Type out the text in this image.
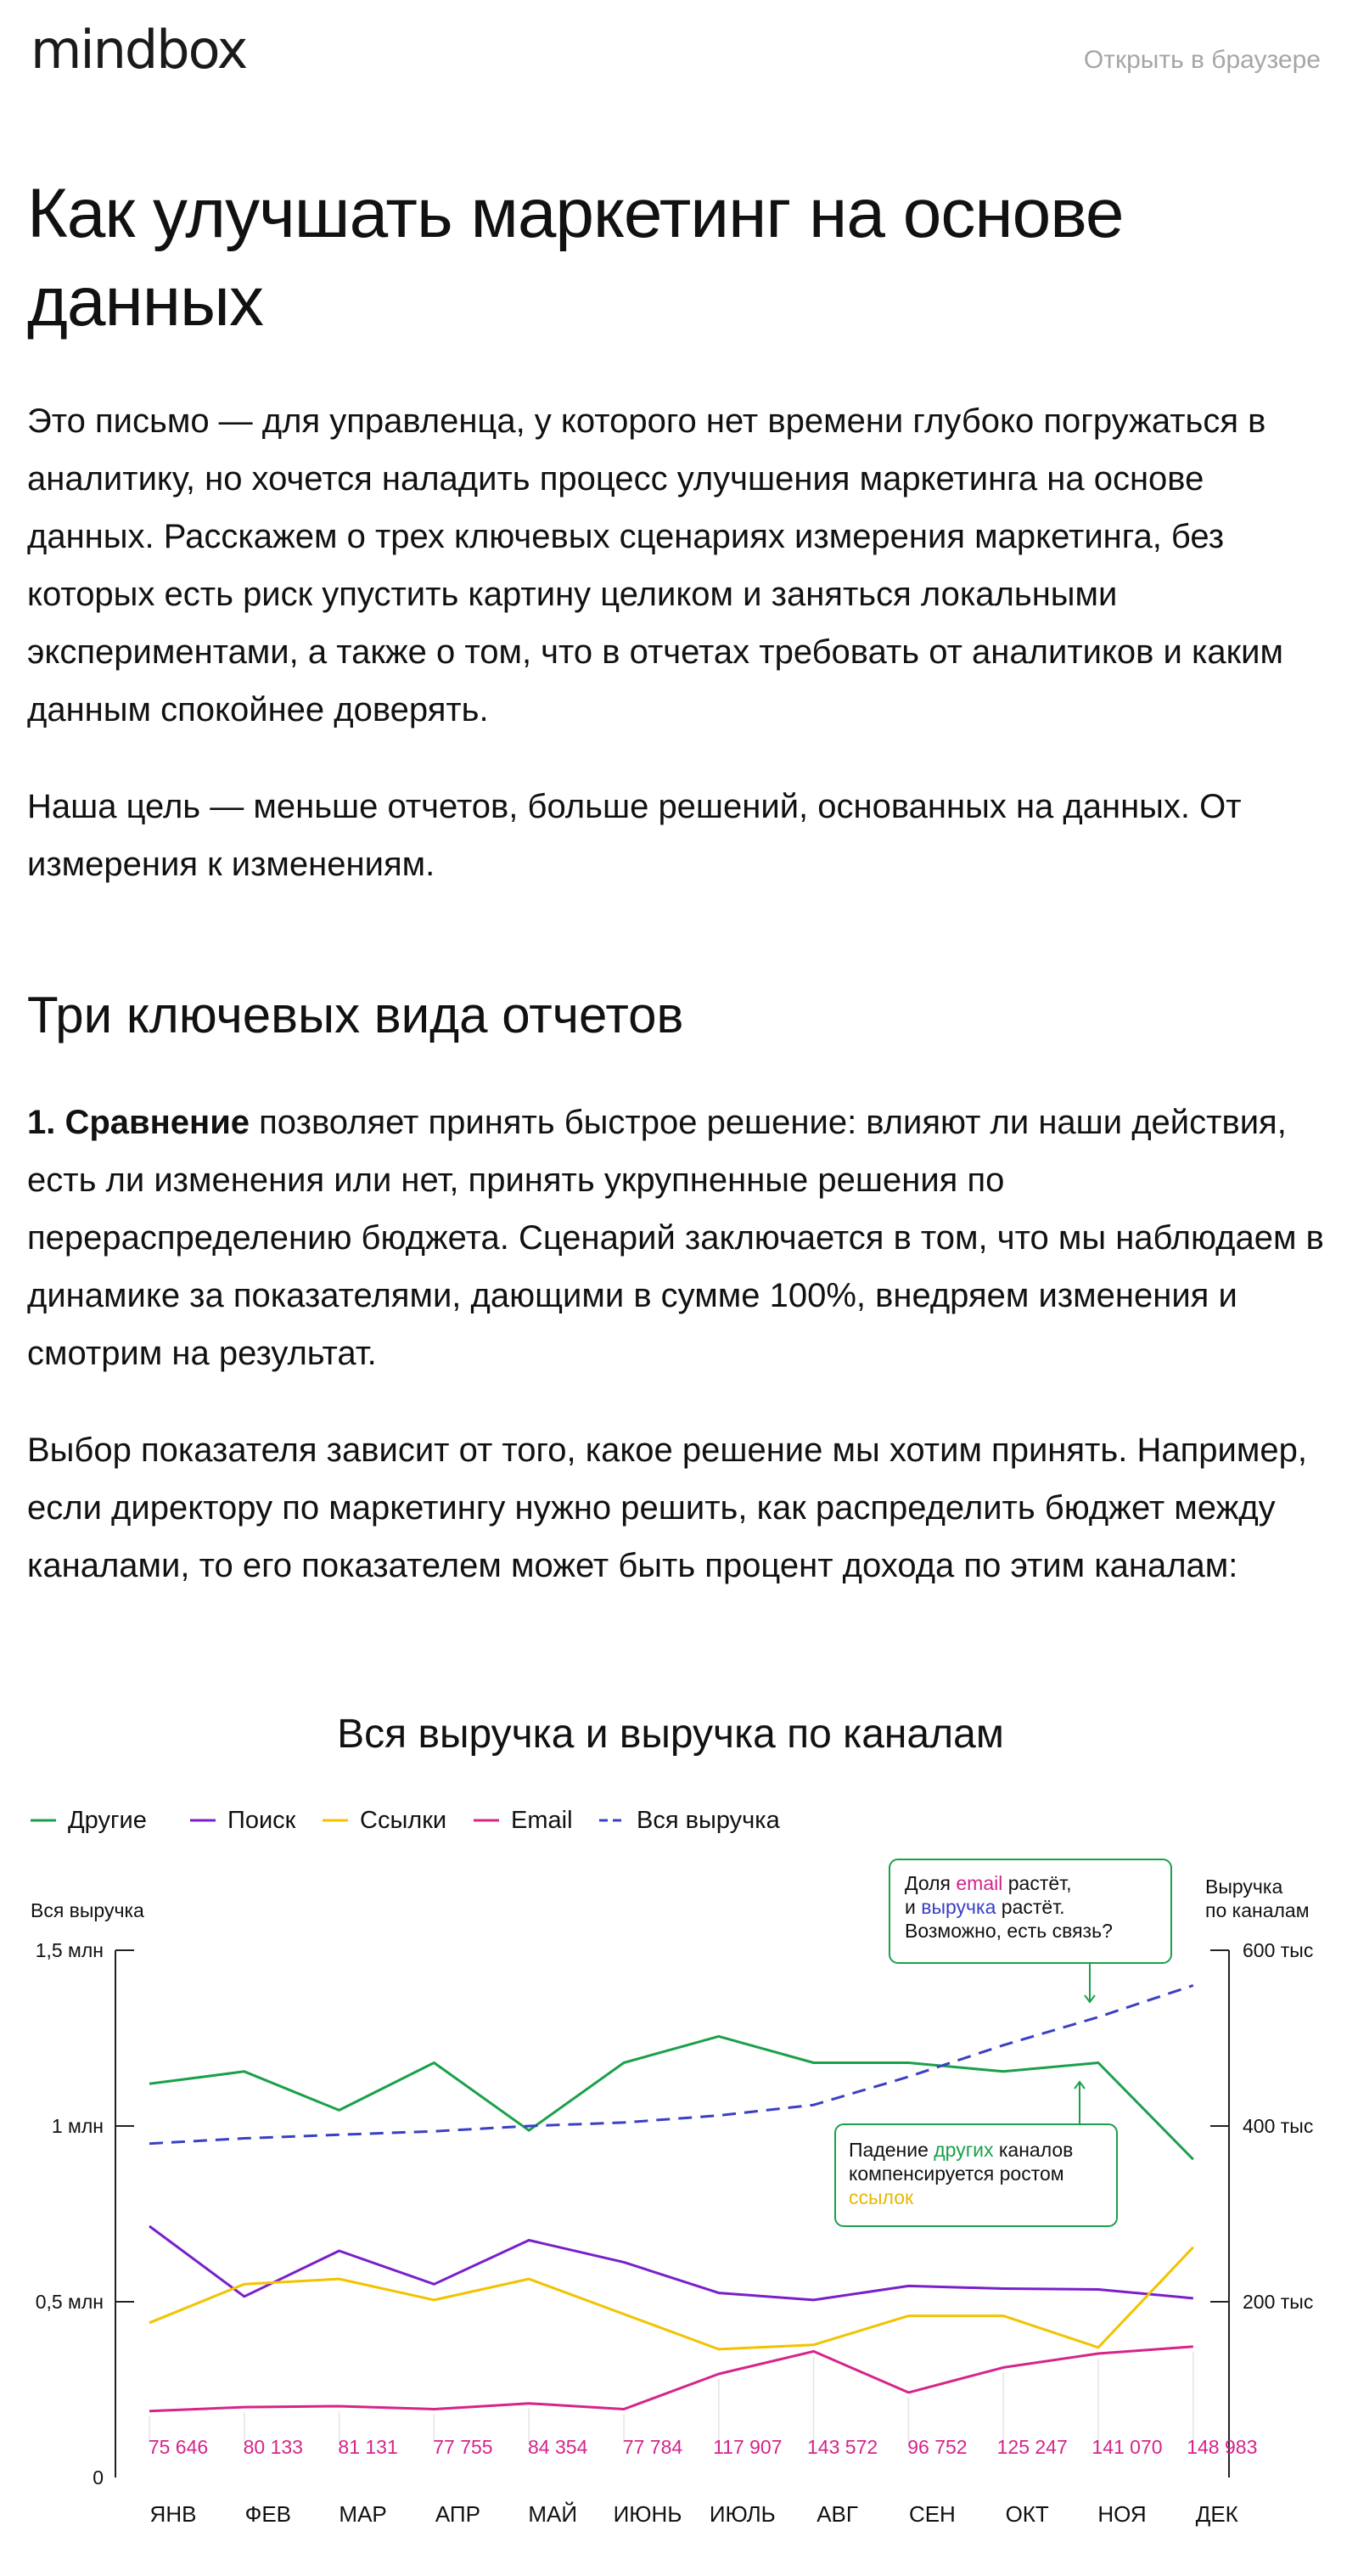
mindbox	Открыть в браузере
Как улучшать маркетинг на основе данных

Это письмо — для управленца, у которого нет времени глубоко погружаться в аналитику, но хочется наладить процесс улучшения маркетинга на основе данных. Расскажем о трех ключевых сценариях измерения маркетинга, без которых есть риск упустить картину целиком и заняться локальными экспериментами, а также о том, что в отчетах требовать от аналитиков и каким данным спокойнее доверять.

Наша цель — меньше отчетов, больше решений, основанных на данных. От измерения к изменениям.

Три ключевых вида отчетов

1. Сравнение позволяет принять быстрое решение: влияют ли наши действия, есть ли изменения или нет, принять укрупненные решения по перераспределению бюджета. Сценарий заключается в том, что мы наблюдаем в динамике за показателями, дающими в сумме 100%, внедряем изменения и смотрим на результат.

Выбор показателя зависит от того, какое решение мы хотим принять. Например, если директору по маркетингу нужно решить, как распределить бюджет между каналами, то его показателем может быть процент дохода по этим каналам:

Вся выручка и выручка по каналам
Другие	Поиск	Ссылки	Email	Вся выручка
Вся выручка
Выручка
по каналам
0
0,5 млн
1 млн
1,5 млн
200 тыс
400 тыс
600 тыс
75 646 80 133 81 131 77 755 84 354 77 784 117 907 143 572 96 752 125 247 141 070 148 983
ЯНВ ФЕВ МАР АПР МАЙ ИЮНЬ ИЮЛЬ АВГ СЕН ОКТ НОЯ ДЕК
Доля email растёт,
и выручка растёт.
Возможно, есть связь?
Падение других каналов
компенсируется ростом
ссылок
